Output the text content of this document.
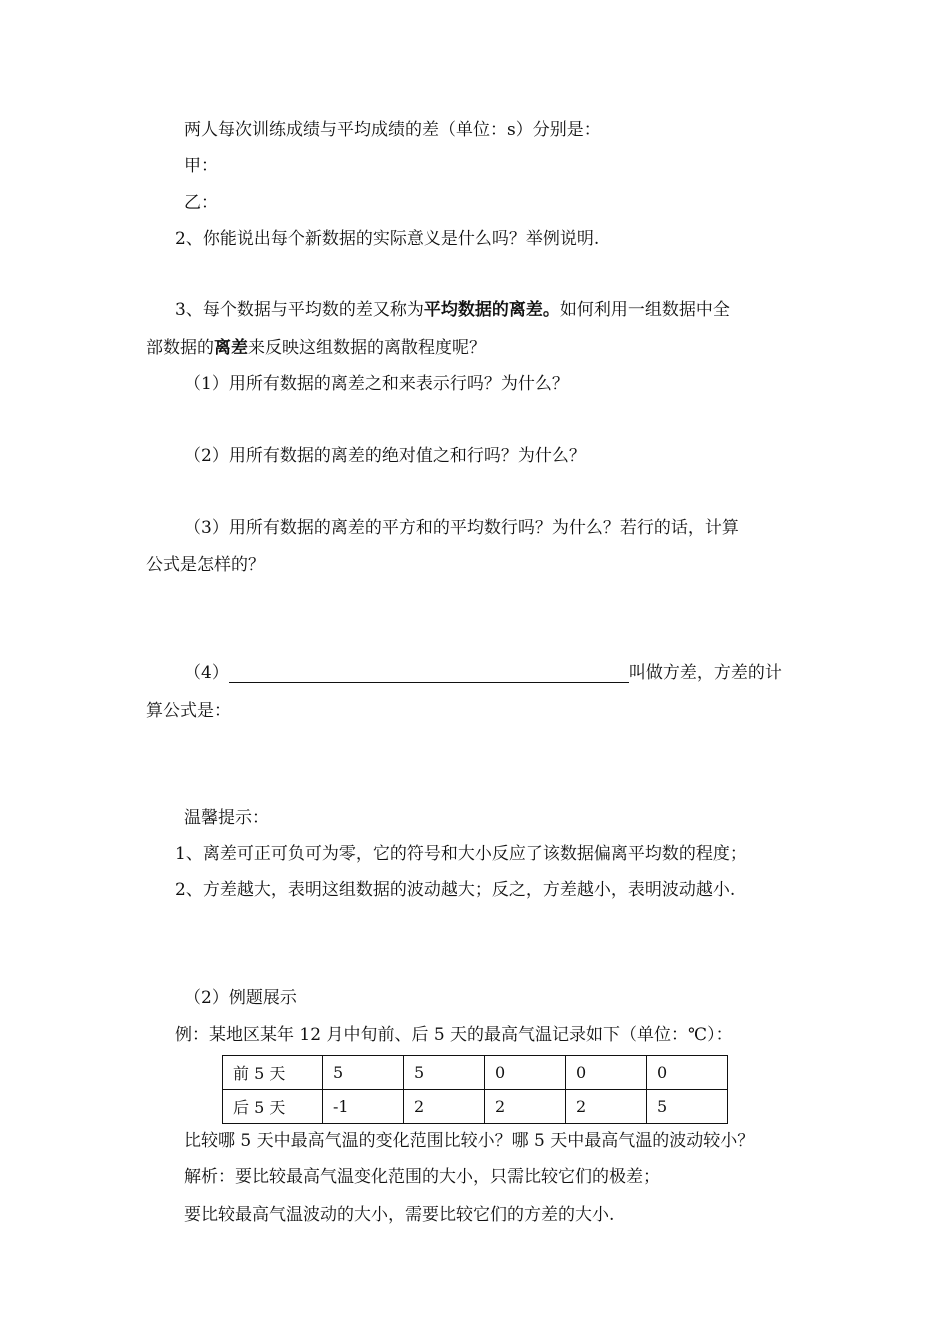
两人每次训练成绩与平均成绩的差（单位：s）分别是：
甲：
乙：
2、你能说出每个新数据的实际意义是什么吗？举例说明.
3、每个数据与平均数的差又称为平均数据的离差。如何利用一组数据中全
部数据的离差来反映这组数据的离散程度呢？
（1）用所有数据的离差之和来表示行吗？为什么？
（2）用所有数据的离差的绝对值之和行吗？为什么？
（3）用所有数据的离差的平方和的平均数行吗？为什么？若行的话，计算
公式是怎样的？
（4）	叫做方差，方差的计
算公式是：
温馨提示：
1、离差可正可负可为零，它的符号和大小反应了该数据偏离平均数的程度；
2、方差越大，表明这组数据的波动越大；反之，方差越小，表明波动越小.
（2）例题展示
例：某地区某年 12 月中旬前、后 5 天的最高气温记录如下（单位：℃）：
前 5 天	5	5	0	0	0
后 5 天	-1	2	2	2	5
比较哪 5 天中最高气温的变化范围比较小？哪 5 天中最高气温的波动较小？
解析：要比较最高气温变化范围的大小，只需比较它们的极差；
要比较最高气温波动的大小，需要比较它们的方差的大小.
